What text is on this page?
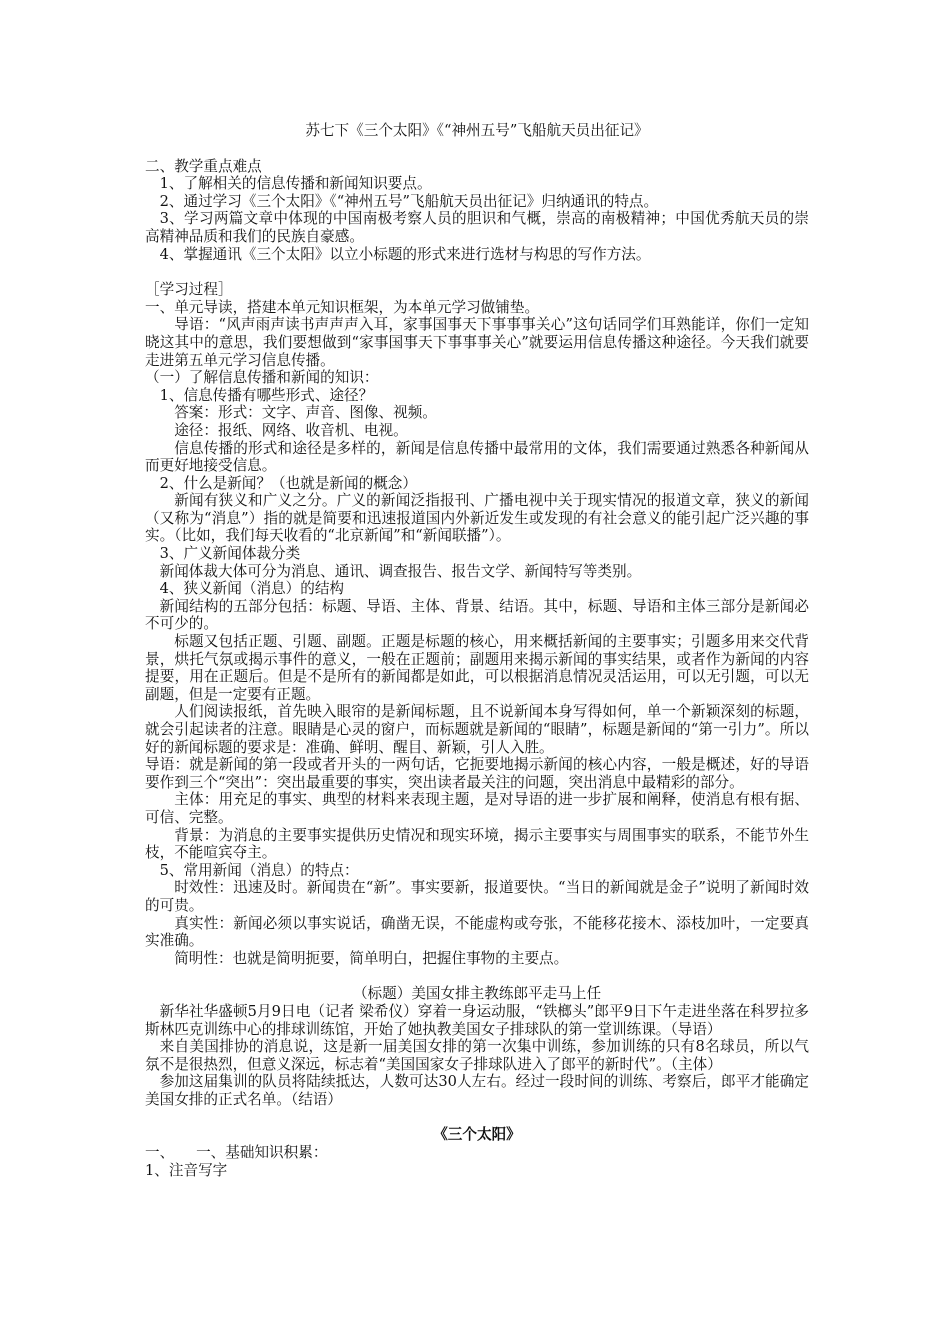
苏七下《三个太阳》《“神州五号”飞船航天员出征记》
二、教学重点难点
1、了解相关的信息传播和新闻知识要点。
2、通过学习《三个太阳》《“神州五号”飞船航天员出征记》归纳通讯的特点。
3、学习两篇文章中体现的中国南极考察人员的胆识和气概，崇高的南极精神；中国优秀航天员的崇高精神品质和我们的民族自豪感。
4、掌握通讯《三个太阳》以立小标题的形式来进行选材与构思的写作方法。
［学习过程］
一、单元导读，搭建本单元知识框架，为本单元学习做铺垫。
导语：“风声雨声读书声声声入耳，家事国事天下事事事关心”这句话同学们耳熟能详，你们一定知晓这其中的意思，我们要想做到“家事国事天下事事事关心”就要运用信息传播这种途径。今天我们就要走进第五单元学习信息传播。
（一）了解信息传播和新闻的知识：
1、信息传播有哪些形式、途径？
答案：形式：文字、声音、图像、视频。
途径：报纸、网络、收音机、电视。
信息传播的形式和途径是多样的，新闻是信息传播中最常用的文体，我们需要通过熟悉各种新闻从而更好地接受信息。
2、什么是新闻？（也就是新闻的概念）
新闻有狭义和广义之分。广义的新闻泛指报刊、广播电视中关于现实情况的报道文章，狭义的新闻（又称为“消息”）指的就是简要和迅速报道国内外新近发生或发现的有社会意义的能引起广泛兴趣的事实。（比如，我们每天收看的“北京新闻”和“新闻联播”）。
3、广义新闻体裁分类
新闻体裁大体可分为消息、通讯、调查报告、报告文学、新闻特写等类别。
4、狭义新闻（消息）的结构
新闻结构的五部分包括：标题、导语、主体、背景、结语。其中，标题、导语和主体三部分是新闻必不可少的。
标题又包括正题、引题、副题。正题是标题的核心，用来概括新闻的主要事实；引题多用来交代背景，烘托气氛或揭示事件的意义，一般在正题前；副题用来揭示新闻的事实结果，或者作为新闻的内容提要，用在正题后。但是不是所有的新闻都是如此，可以根据消息情况灵活运用，可以无引题，可以无副题，但是一定要有正题。
人们阅读报纸，首先映入眼帘的是新闻标题，且不说新闻本身写得如何，单一个新颖深刻的标题，就会引起读者的注意。眼睛是心灵的窗户，而标题就是新闻的“眼睛”，标题是新闻的“第一引力”。所以好的新闻标题的要求是：准确、鲜明、醒目、新颖，引人入胜。
导语：就是新闻的第一段或者开头的一两句话，它扼要地揭示新闻的核心内容，一般是概述，好的导语要作到三个“突出”：突出最重要的事实，突出读者最关注的问题，突出消息中最精彩的部分。
主体：用充足的事实、典型的材料来表现主题，是对导语的进一步扩展和阐释，使消息有根有据、可信、完整。
背景：为消息的主要事实提供历史情况和现实环境，揭示主要事实与周围事实的联系，不能节外生枝，不能喧宾夺主。
5、常用新闻（消息）的特点：
时效性：迅速及时。新闻贵在“新”。事实要新，报道要快。“当日的新闻就是金子”说明了新闻时效的可贵。
真实性：新闻必须以事实说话，确凿无误，不能虚构或夸张，不能移花接木、添枝加叶，一定要真实准确。
简明性：也就是简明扼要，简单明白，把握住事物的主要点。
（标题）美国女排主教练郎平走马上任
新华社华盛顿5月9日电（记者 梁希仪）穿着一身运动服，“铁榔头”郎平9日下午走进坐落在科罗拉多斯林匹克训练中心的排球训练馆，开始了她执教美国女子排球队的第一堂训练课。（导语）
来自美国排协的消息说，这是新一届美国女排的第一次集中训练，参加训练的只有8名球员，所以气氛不是很热烈，但意义深远，标志着“美国国家女子排球队进入了郎平的新时代”。（主体）
参加这届集训的队员将陆续抵达，人数可达30人左右。经过一段时间的训练、考察后，郎平才能确定美国女排的正式名单。（结语）
《三个太阳》
一、　　一、基础知识积累：
1、注音写字
